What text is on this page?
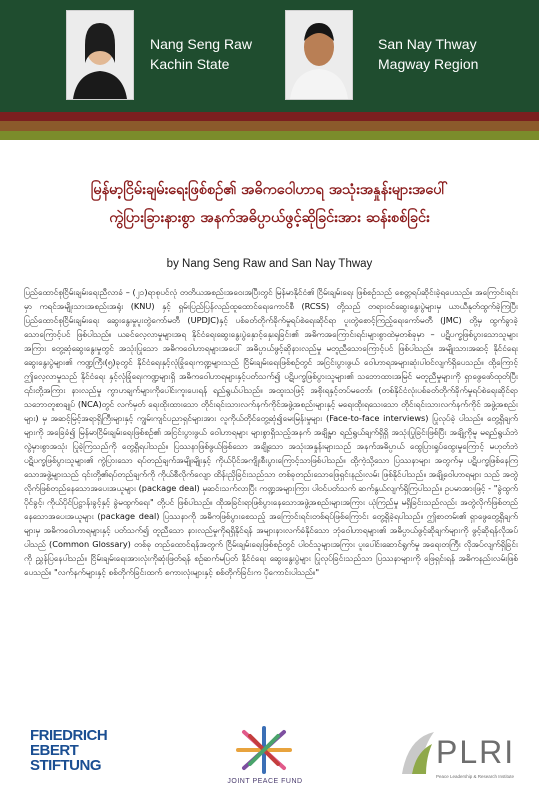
Nang Seng Raw
Kachin State
San Nay Thway
Magway Region
မြန်မာ့ငြိမ်းချမ်းရေးဖြစ်စဉ်၏ အဓိကဝေါဟာရ အသုံးအနှုန်းများအပေါ်
ကွဲပြားခြားနားစွာ အနက်အဓိပ္ပာယ်ဖွင့်ဆိုခြင်းအား ဆန်းစစ်ခြင်း
by Nang Seng Raw and San Nay Thway
ပြည်ထောင်စုငြိမ်းချမ်းရေးညီလာခံ – (၂၁)ရာစုပင်လုံ တတိယအစည်းအဝေးအပြီးတွင် မြန်မာနိုင်ငံ၏ ငြိမ်းချမ်းရေး ဖြစ်စဉ်သည် စေတ္တရပ်ဆိုင်းခဲ့ရပေသည်။ အကြောင်းရင်းမှာ ကရင်အမျိုးသားအစည်းအရုံး (KNU) နှင့် ရှမ်းပြည်ပြန်လည်ထူထောင်ရေးကောင်စီ (RCSS) တို့သည် တရားဝင်ဆွေးနွေးပွဲများမှ ယာယီနုတ်ထွက်ခဲ့ကြပြီး ပြည်ထောင်စုငြိမ်းချမ်းရေး ဆွေးနွေးမှုပူးတွဲကော်မတီ (UPDJC)နှင့် ပစ်ခတ်တိုက်ခိုက်မှုရပ်စဲရေးဆိုင်ရာ ပူးတွဲစောင့်ကြည့်ရေးကော်မတီ (JMC) တို့မှ ထွက်ခွာခဲ့သောကြောင့်ပင် ဖြစ်ပါသည်။ ယခင်လေ့လာမှုများအရ နိုင်ငံရေးဆွေးနွေးပွဲနှောင့်နှေးရခြင်း၏ အဓိကအကြောင်းရင်းများစွာထဲမှတစ်ခုမှာ – ပဋိပက္ခဖြစ်ပွားသောသူများအကြား တွေ့ဆုံဆွေးနွေးမှုတွင် အသုံးပြုသော အဓိကဝေါဟာရများအပေါ် အဓိပ္ပာယ်ဖွင့်ဆိုနားလည်မှု မတူညီသောကြောင့်ပင် ဖြစ်ပါသည်။ အမျိုးသားအဆင့် နိုင်ငံရေးဆွေးနွေးပွဲများ၏ ကဏ္ဍကြီး(၅)ခုတွင် နိုင်ငံရေးနှင့်လုံခြုံရေးကဏ္ဍများသည် ငြိမ်းချမ်းရေးဖြစ်စဉ်တွင် အငြင်းပွားဖွယ် ဝေါဟာရအများဆုံးပါဝင်လျက်ရှိပေသည်။ ထို့ကြောင့် ဤလေ့လာမှုသည် နိုင်ငံရေး နှင့်လုံခြုံရေးကဏ္ဍများရှိ အဓိကဝေါဟာရများနှင့်ပတ်သက်၍ ပဋိပက္ခဖြစ်ပွားသူများ၏ သဘောထားအမြင် မတူညီမှုများကို ရှာဖွေဖော်ထုတ်ပြီး ၎င်းတို့အကြား နားလည်မှု ကွာဟချက်များကိုပေါင်းကူးပေးရန် ရည်ရွယ်ပါသည်။ အထူးသဖြင့် အစိုးရနှင့်တပ်မတော်၊ (တစ်နိုင်ငံလုံးပစ်ခတ်တိုက်ခိုက်မှုရပ်စဲရေးဆိုင်ရာ သဘောတူစာချုပ် (NCA)တွင် လက်မှတ် ရေးထိုးထားသော တိုင်းရင်းသားလက်နက်ကိုင်အဖွဲ့အစည်းများနှင့် မရေးထိုးရသေးသော တိုင်းရင်းသားလက်နက်ကိုင် အဖွဲ့အစည်းများ) မှ အဆင့်မြင့်အရာရှိကြီးများနှင့် ကျွမ်းကျင်ပညာရှင်များအား လူကိုယ်တိုင်တွေ့ဆုံ၍မေးမြန်းမှုများ (Face-to-face interviews) ပြုလုပ်ခဲ့ ပါသည်။ တွေ့ရှိချက်များကို အခြေခံ၍ မြန်မာငြိမ်းချမ်းရေးဖြစ်စဉ်၏ အငြင်းပွားဖွယ် ဝေါဟာရများ များစွာရှိသည့်အနက် အချို့မှာ ရည်ရွယ်ချက်ရှိရှိ အသုံးပြုခြင်းဖြစ်ပြီး အချို့ကိုမူ မရည်ရွယ်ဘဲလွဲမှားစွာအသုံး ပြုခဲ့ကြသည်ကို တွေ့ရှိရပါသည်။ ပြဿနာဖြစ်ဖွယ်ဖြစ်သော အချို့သော အသုံးအနှုန်းများသည် အနက်အဓိပ္ပာယ် ထွေပြားရှုပ်ထွေးမှုကြောင့် မဟုတ်ဘဲ ပဋိပက္ခဖြစ်ပွားသူများ၏ ကွဲပြားသော ရပ်တည်ချက်အမျိုးမျိုးနှင့် ကိုယ်ပိုင်အကျိုးစီးပွားကြောင့်သာဖြစ်ပါသည်။ ထို့ကဲ့သို့သော ပြဿနာများ အတွက်မှ ပဋိပက္ခဖြစ်နေကြသောအဖွဲ့များသည် ၎င်းတို့၏ရပ်တည်ချက်ကို ကိုယ်စီလိုက်လျော ထိန်းညှိခြင်းသည်သာ တစ်ခုတည်းသောဖြေရှင်းနည်းလမ်း ဖြစ်နိုင်ပါသည်။ အချို့ဝေါဟာရများ သည် အတွဲလိုက်ဖြစ်တည်နေသောအပေးအယူများ (package deal) မှဆင်းသက်လာပြီး ကဏ္ဍအများကြား ပါဝင်ပတ်သက် ဆက်နွယ်လျက်ရှိကြပါသည်။ ဥပမာအားဖြင့် - "ခွဲထွက်ပိုင်ခွင့်၊ ကိုယ်ပိုင်ပြဋ္ဌာန်းခွင့်နှင့် ခွဲမထွက်ရေး" တို့ပင် ဖြစ်ပါသည်။ ထိုအခြင်းရာဖြစ်ပွားနေသောအဖွဲ့အစည်းများအကြား ယုံကြည်မှု မရှိခြင်းသည်လည်း အတွဲလိုက်ဖြစ်တည် နေသောအပေးအယူများ (package deal) ပြဿနာကို အဓိကဖြစ်ပွားစေသည့် အကြောင်းရင်းတစ်ရပ်ဖြစ်ကြောင်း တွေ့ရှိခဲ့ရပါသည်။ ဤစာတမ်း၏ ရှာဖွေတွေ့ရှိချက်များမှ အဓိကဝေါဟာရများနှင့် ပတ်သက်၍ တူညီသော နားလည်မှုကိုရရှိနိုင်ရန် အများနားလက်ခံနိုင်သော ဘုံဝေါဟာရများ၏ အဓိပ္ပာယ်ဖွင့်ဆိုချက်များကို ဖွင့်ဆိုရန်လိုအပ်ပါသည် (Common Glossary) တစ်ခု တည်ထောင်ရန်အတွက် ငြိမ်းချမ်းရေးဖြစ်စဉ်တွင် ပါဝင်သူများအကြား ပူးပေါင်းဆောင်ရွက်မှု အရေးတကြီး လိုအပ်လျက်ရှိခြင်းကို ညွှန်ပြနေပါသည်။ ငြိမ်းချမ်းရေးအားလုံးကိုဆုံးဖြတ်ရန် စဉ်ဆက်မပြတ် နိုင်ငံရေး ဆွေးနွေးပွဲများ ပြုလုပ်ခြင်းသည်သာ ပြဿနာများကို ဖြေရှင်းရန် အဓိကနည်းလမ်းဖြစ်ပေသည်။ "လက်နက်များနှင့် စစ်တိုက်ခြင်းထက် စကားလုံးများနှင့် စစ်တိုက်ခြင်းက ပိုကောင်းပါသည်။"
FRIEDRICH
EBERT
STIFTUNG
JOINT PEACE FUND
PLRI
Peace Leadership & Research Institute
